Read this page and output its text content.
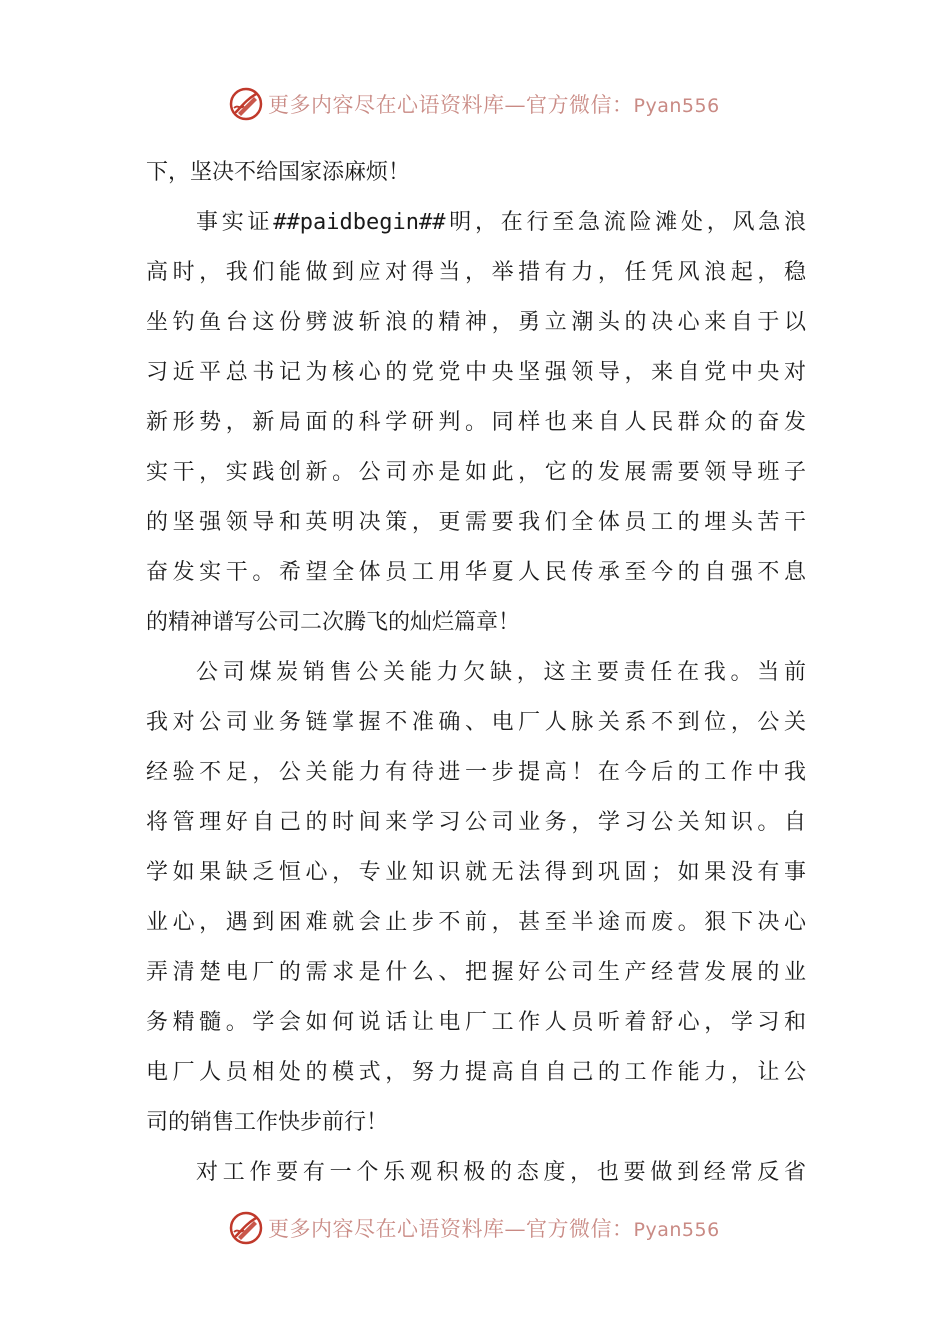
更多内容尽在心语资料库—官方微信：Pyan556
下，坚决不给国家添麻烦！
事实证##paidbegin##明，在行至急流险滩处，风急浪
高时，我们能做到应对得当，举措有力，任凭风浪起，稳
坐钓鱼台这份劈波斩浪的精神，勇立潮头的决心来自于以
习近平总书记为核心的党党中央坚强领导，来自党中央对
新形势，新局面的科学研判。同样也来自人民群众的奋发
实干，实践创新。公司亦是如此，它的发展需要领导班子
的坚强领导和英明决策，更需要我们全体员工的埋头苦干
奋发实干。希望全体员工用华夏人民传承至今的自强不息
的精神谱写公司二次腾飞的灿烂篇章！
公司煤炭销售公关能力欠缺，这主要责任在我。当前
我对公司业务链掌握不准确、电厂人脉关系不到位，公关
经验不足，公关能力有待进一步提高！在今后的工作中我
将管理好自己的时间来学习公司业务，学习公关知识。自
学如果缺乏恒心，专业知识就无法得到巩固；如果没有事
业心，遇到困难就会止步不前，甚至半途而废。狠下决心
弄清楚电厂的需求是什么、把握好公司生产经营发展的业
务精髓。学会如何说话让电厂工作人员听着舒心，学习和
电厂人员相处的模式，努力提高自自己的工作能力，让公
司的销售工作快步前行！
对工作要有一个乐观积极的态度，也要做到经常反省
更多内容尽在心语资料库—官方微信：Pyan556
